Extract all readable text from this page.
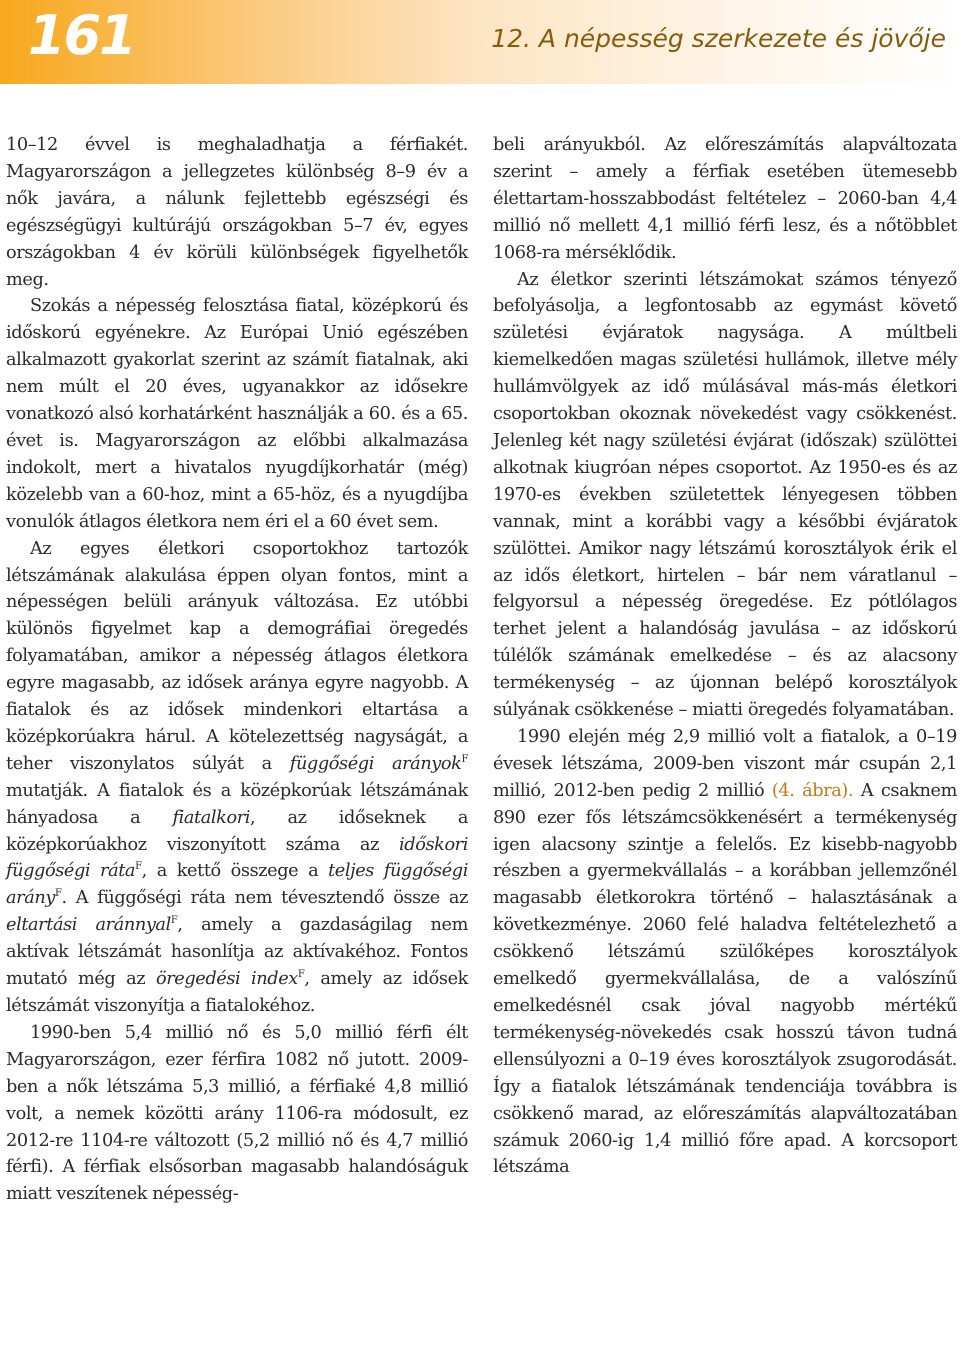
161	12. A népesség szerkezete és jövője

10–12 évvel is meghaladhatja a férfiakét. Magyarországon a jellegzetes különbség 8–9 év a nők javára, a nálunk fejlettebb egészségi és egészségügyi kultúrájú országokban 5–7 év, egyes országokban 4 év körüli különbségek figyelhetők meg.

Szokás a népesség felosztása fiatal, középkorú és időskorú egyénekre. Az Európai Unió egészében alkalmazott gyakorlat szerint az számít fiatalnak, aki nem múlt el 20 éves, ugyanakkor az idősekre vonatkozó alsó korhatárként használják a 60. és a 65. évet is. Magyarországon az előbbi alkalmazása indokolt, mert a hivatalos nyugdíjkorhatár (még) közelebb van a 60-hoz, mint a 65-höz, és a nyugdíjba vonulók átlagos életkora nem éri el a 60 évet sem.

Az egyes életkori csoportokhoz tartozók létszámának alakulása éppen olyan fontos, mint a népességen belüli arányuk változása. Ez utóbbi különös figyelmet kap a demográfiai öregedés folyamatában, amikor a népesség átlagos életkora egyre magasabb, az idősek aránya egyre nagyobb. A fiatalok és az idősek mindenkori eltartása a középkorúakra hárul. A kötelezettség nagyságát, a teher viszonylatos súlyát a függőségi arányok$^F$ mutatják. A fiatalok és a középkorúak létszámának hányadosa a fiatalkori, az időseknek a középkorúakhoz viszonyított száma az időskori függőségi ráta$^F$, a kettő összege a teljes függőségi arány$^F$. A függőségi ráta nem tévesztendő össze az eltartási aránnyal$^F$, amely a gazdaságilag nem aktívak létszámát hasonlítja az aktívakéhoz. Fontos mutató még az öregedési index$^F$, amely az idősek létszámát viszonyítja a fiatalokéhoz.

1990-ben 5,4 millió nő és 5,0 millió férfi élt Magyarországon, ezer férfira 1082 nő jutott. 2009-ben a nők létszáma 5,3 millió, a férfiaké 4,8 millió volt, a nemek közötti arány 1106-ra módosult, ez 2012-re 1104-re változott (5,2 millió nő és 4,7 millió férfi). A férfiak elsősorban magasabb halandóságuk miatt veszítenek népesség-

beli arányukból. Az előreszámítás alapváltozata szerint – amely a férfiak esetében ütemesebb élettartam-hosszabbodást feltételez – 2060-ban 4,4 millió nő mellett 4,1 millió férfi lesz, és a nőtöbblet 1068-ra mérséklődik.

Az életkor szerinti létszámokat számos tényező befolyásolja, a legfontosabb az egymást követő születési évjáratok nagysága. A múltbeli kiemelkedően magas születési hullámok, illetve mély hullámvölgyek az idő múlásával más-más életkori csoportokban okoznak növekedést vagy csökkenést. Jelenleg két nagy születési évjárat (időszak) szülöttei alkotnak kiugróan népes csoportot. Az 1950-es és az 1970-es években születettek lényegesen többen vannak, mint a korábbi vagy a későbbi évjáratok szülöttei. Amikor nagy létszámú korosztályok érik el az idős életkort, hirtelen – bár nem váratlanul – felgyorsul a népesség öregedése. Ez pótlólagos terhet jelent a halandóság javulása – az időskorú túlélők számának emelkedése – és az alacsony termékenység – az újonnan belépő korosztályok súlyának csökkenése – miatti öregedés folyamatában.

1990 elején még 2,9 millió volt a fiatalok, a 0–19 évesek létszáma, 2009-ben viszont már csupán 2,1 millió, 2012-ben pedig 2 millió (4. ábra). A csaknem 890 ezer fős létszámcsökkenésért a termékenység igen alacsony szintje a felelős. Ez kisebb-nagyobb részben a gyermekvállalás – a korábban jellemzőnél magasabb életkorokra történő – halasztásának a következménye. 2060 felé haladva feltételezhető a csökkenő létszámú szülőképes korosztályok emelkedő gyermekvállalása, de a valószínű emelkedésnél csak jóval nagyobb mértékű termékenység-növekedés csak hosszú távon tudná ellensúlyozni a 0–19 éves korosztályok zsugorodását. Így a fiatalok létszámának tendenciája továbbra is csökkenő marad, az előreszámítás alapváltozatában számuk 2060-ig 1,4 millió főre apad. A korcsoport létszáma
